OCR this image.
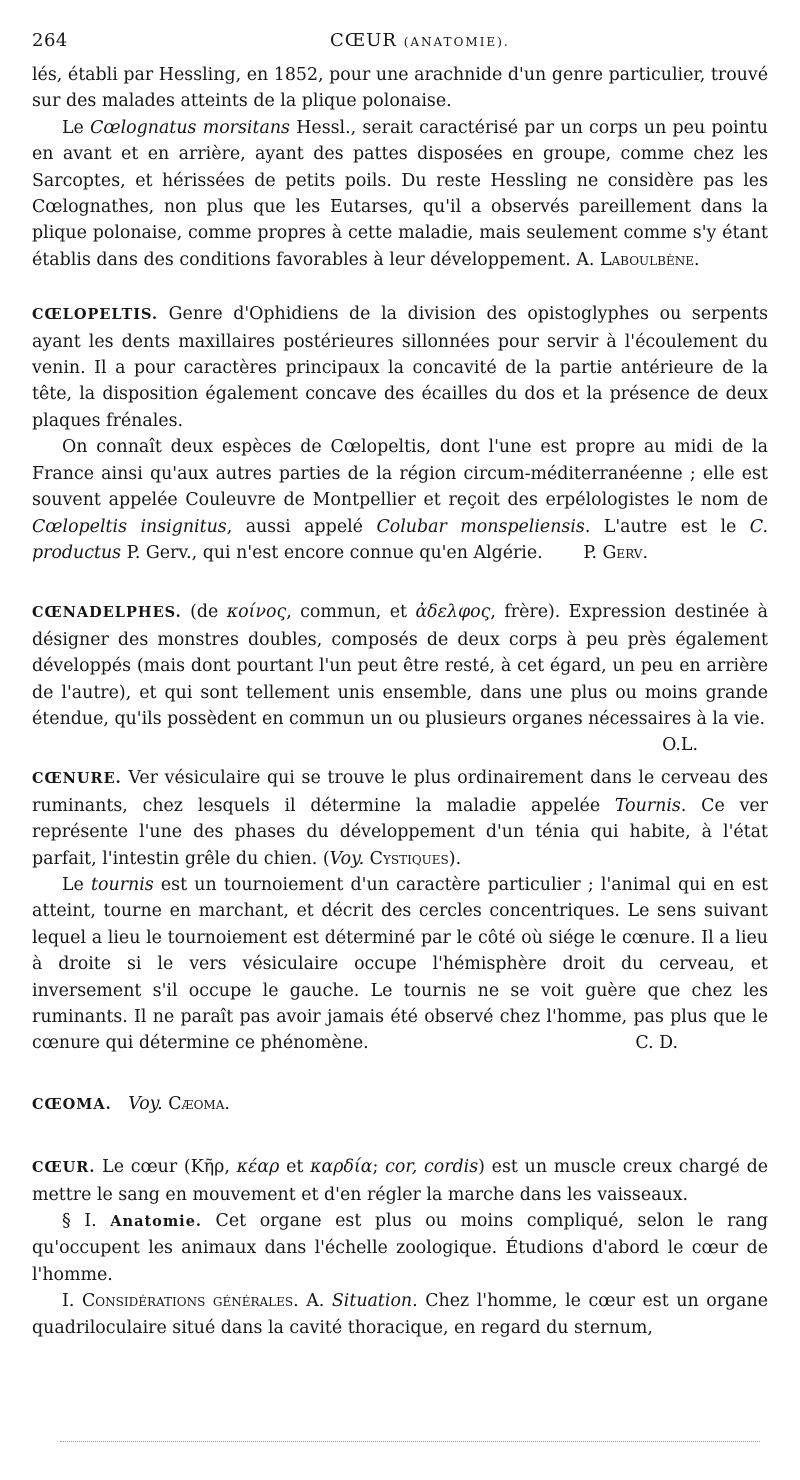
264	CŒUR (ANATOMIE).

lés, établi par Hessling, en 1852, pour une arachnide d'un genre particulier, trouvé sur des malades atteints de la plique polonaise.

Le Cœlognatus morsitans Hessl., serait caractérisé par un corps un peu pointu en avant et en arrière, ayant des pattes disposées en groupe, comme chez les Sarcoptes, et hérissées de petits poils. Du reste Hessling ne considère pas les Cœlognathes, non plus que les Eutarses, qu'il a observés pareillement dans la plique polonaise, comme propres à cette maladie, mais seulement comme s'y étant établis dans des conditions favorables à leur développement. A. Laboulbène.

CŒLOPELTIS. Genre d'Ophidiens de la division des opistoglyphes ou serpents ayant les dents maxillaires postérieures sillonnées pour servir à l'écoulement du venin. Il a pour caractères principaux la concavité de la partie antérieure de la tête, la disposition également concave des écailles du dos et la présence de deux plaques frénales.

On connaît deux espèces de Cœlopeltis, dont l'une est propre au midi de la France ainsi qu'aux autres parties de la région circum-méditerranéenne ; elle est souvent appelée Couleuvre de Montpellier et reçoit des erpélologistes le nom de Cœlopeltis insignitus, aussi appelé Colubar monspeliensis. L'autre est le C. productus P. Gerv., qui n'est encore connue qu'en Algérie.	P. Gerv.

CŒNADELPHES. (de κοίνος, commun, et ἀδελφος, frère). Expression destinée à désigner des monstres doubles, composés de deux corps à peu près également développés (mais dont pourtant l'un peut être resté, à cet égard, un peu en arrière de l'autre), et qui sont tellement unis ensemble, dans une plus ou moins grande étendue, qu'ils possèdent en commun un ou plusieurs organes nécessaires à la vie.
O.L.

CŒNURE. Ver vésiculaire qui se trouve le plus ordinairement dans le cerveau des ruminants, chez lesquels il détermine la maladie appelée Tournis. Ce ver représente l'une des phases du développement d'un ténia qui habite, à l'état parfait, l'intestin grêle du chien. (Voy. Cystiques).

Le tournis est un tournoiement d'un caractère particulier ; l'animal qui en est atteint, tourne en marchant, et décrit des cercles concentriques. Le sens suivant lequel a lieu le tournoiement est déterminé par le côté où siége le cœnure. Il a lieu à droite si le vers vésiculaire occupe l'hémisphère droit du cerveau, et inversement s'il occupe le gauche. Le tournis ne se voit guère que chez les ruminants. Il ne paraît pas avoir jamais été observé chez l'homme, pas plus que le cœnure qui détermine ce phénomène.	C. D.

CŒOMA. Voy. Cæoma.

CŒUR. Le cœur (Κῆρ, κέαρ et καρδία; cor, cordis) est un muscle creux chargé de mettre le sang en mouvement et d'en régler la marche dans les vaisseaux.

§ I. Anatomie. Cet organe est plus ou moins compliqué, selon le rang qu'occupent les animaux dans l'échelle zoologique. Étudions d'abord le cœur de l'homme.

I. Considérations générales. A. Situation. Chez l'homme, le cœur est un organe quadriloculaire situé dans la cavité thoracique, en regard du sternum,
